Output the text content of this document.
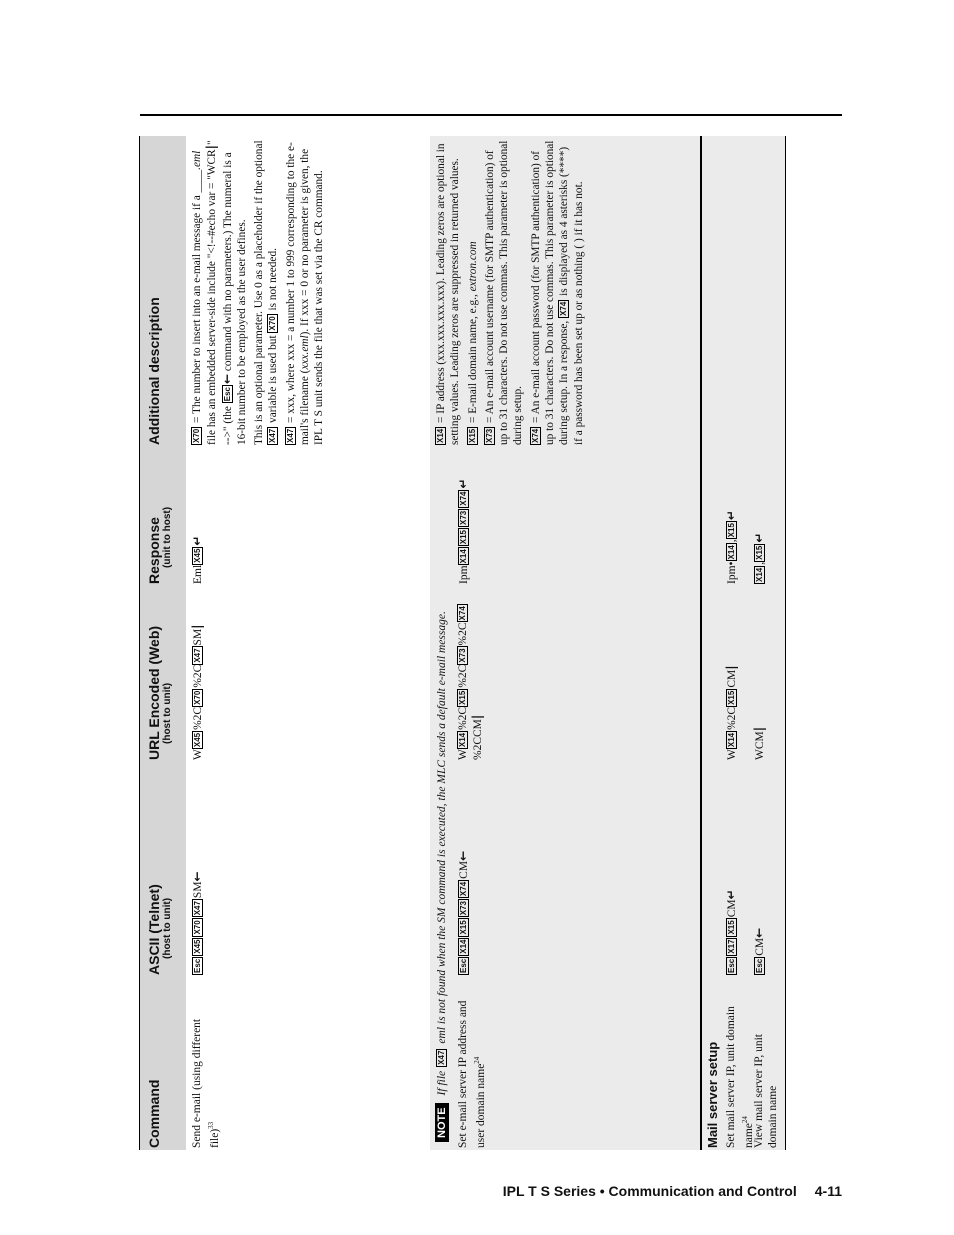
Command
ASCII (Telnet) (host to unit)
URL Encoded (Web) (host to unit)
Response (unit to host)
Additional description
Send e-mail (using different file)$^{33}$
EscX45X70X47SM←
WX45%2CX70%2CX47SM|
EmlX45↵

X70 = The number to insert into an e-mail message if a ____.eml file has an embedded server-side include "<!--#echo var = "WCR|" -->" (the Esc← command with no parameters.) The numeral is a 16-bit number to be employed as the user defines. This is an optional parameter. Use 0 as a placeholder if the optional X47 variable is used but X70 is not needed.

X47 = xxx, where xxx = a number 1 to 999 corresponding to the e-mail's filename (xxx.eml). If xxx = 0 or no parameter is given, the IPL T S unit sends the file that was set via the CR command.

NOTEIf file X47 eml is not found when the SM command is executed, the MLC sends a default e-mail message.
Set e-mail server IP address and user domain name$^{24}$
EscX14X15X73X74CM←
WX14%2CX15%2CX73%2CX74
%2CCM|
IpmX14X15X73X74↵

X14 = IP address (xxx.xxx.xxx.xxx). Leading zeros are optional in setting values. Leading zeros are suppressed in returned values. X15 = E-mail domain name, e.g., extron.com

X73 = An e-mail account username (for SMTP authentication) of up to 31 characters. Do not use commas. This parameter is optional during setup. X74 = An e-mail account password (for SMTP authentication) of up to 31 characters. Do not use commas. This parameter is optional during setup. In a response, X74 is displayed as 4 asterisks (****) if a password has been set up or as nothing ( ) if it has not.

Mail server setup Set mail server IP, unit domain name$^{24}$
EscX17X15CM↵
WX14%2CX15CM|
Ipm•X14,X15↵
View mail server IP, unit domain name
EscCM←
WCM|
X14,X15↵
IPL T S Series • Communication and Control 4-11
